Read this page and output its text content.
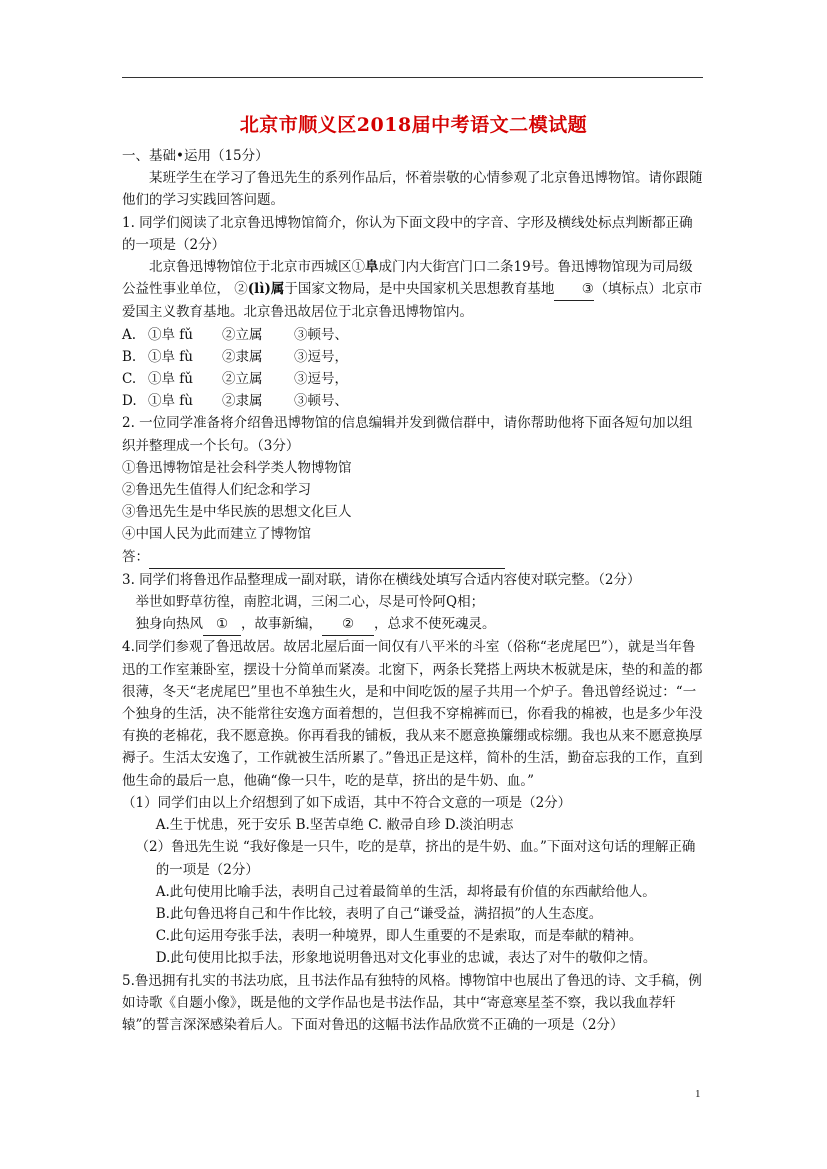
北京市顺义区2018届中考语文二模试题

一、基础•运用（15分）

某班学生在学习了鲁迅先生的系列作品后，怀着崇敬的心情参观了北京鲁迅博物馆。请你跟随他们的学习实践回答问题。

1. 同学们阅读了北京鲁迅博物馆简介，你认为下面文段中的字音、字形及横线处标点判断都正确的一项是（2分）

北京鲁迅博物馆位于北京市西城区①阜成门内大街宫门口二条19号。鲁迅博物馆现为司局级公益性事业单位， ②(lì)属于国家文物局，是中央国家机关思想教育基地 ③（填标点）北京市爱国主义教育基地。北京鲁迅故居位于北京鲁迅博物馆内。

A. ①阜 fǔ ②立属 ③顿号、

B. ①阜 fù ②隶属 ③逗号，

C. ①阜 fǔ ②立属 ③逗号，

D. ①阜 fù ②隶属 ③顿号、

2. 一位同学准备将介绍鲁迅博物馆的信息编辑并发到微信群中，请你帮助他将下面各短句加以组织并整理成一个长句。（3分）

①鲁迅博物馆是社会科学类人物博物馆

②鲁迅先生值得人们纪念和学习

③鲁迅先生是中华民族的思想文化巨人

④中国人民为此而建立了博物馆

答：

3. 同学们将鲁迅作品整理成一副对联，请你在横线处填写合适内容使对联完整。（2分）

举世如野草彷徨，南腔北调，三闲二心，尽是可怜阿Q相；

独身向热风 ① ，故事新编， ② ，总求不使死魂灵。

4.同学们参观了鲁迅故居。故居北屋后面一间仅有八平米的斗室（俗称“老虎尾巴”），就是当年鲁迅的工作室兼卧室，摆设十分简单而紧凑。北窗下，两条长凳搭上两块木板就是床，垫的和盖的都很薄，冬天“老虎尾巴”里也不单独生火，是和中间吃饭的屋子共用一个炉子。鲁迅曾经说过：“一个独身的生活，决不能常往安逸方面着想的，岂但我不穿棉裤而已，你看我的棉被，也是多少年没有换的老棉花，我不愿意换。你再看我的铺板，我从来不愿意换簾绷或棕绷。我也从来不愿意换厚褥子。生活太安逸了，工作就被生活所累了。”鲁迅正是这样，简朴的生活，勤奋忘我的工作，直到他生命的最后一息，他确“像一只牛，吃的是草，挤出的是牛奶、血。”

（1）同学们由以上介绍想到了如下成语，其中不符合文意的一项是（2分）

A.生于忧患，死于安乐 B.坚苦卓绝 C. 敝帚自珍 D.淡泊明志

（2）鲁迅先生说 “我好像是一只牛，吃的是草，挤出的是牛奶、血。”下面对这句话的理解正确的一项是（2分）

A.此句使用比喻手法，表明自己过着最简单的生活，却将最有价值的东西献给他人。

B.此句鲁迅将自己和牛作比较，表明了自己“谦受益，满招损”的人生态度。

C.此句运用夸张手法，表明一种境界，即人生重要的不是索取，而是奉献的精神。

D.此句使用比拟手法，形象地说明鲁迅对文化事业的忠诚，表达了对牛的敬仰之情。

5.鲁迅拥有扎实的书法功底，且书法作品有独特的风格。博物馆中也展出了鲁迅的诗、文手稿，例如诗歌《自题小像》，既是他的文学作品也是书法作品，其中“寄意寒星荃不察，我以我血荐轩辕”的誓言深深感染着后人。下面对鲁迅的这幅书法作品欣赏不正确的一项是（2分）

1
